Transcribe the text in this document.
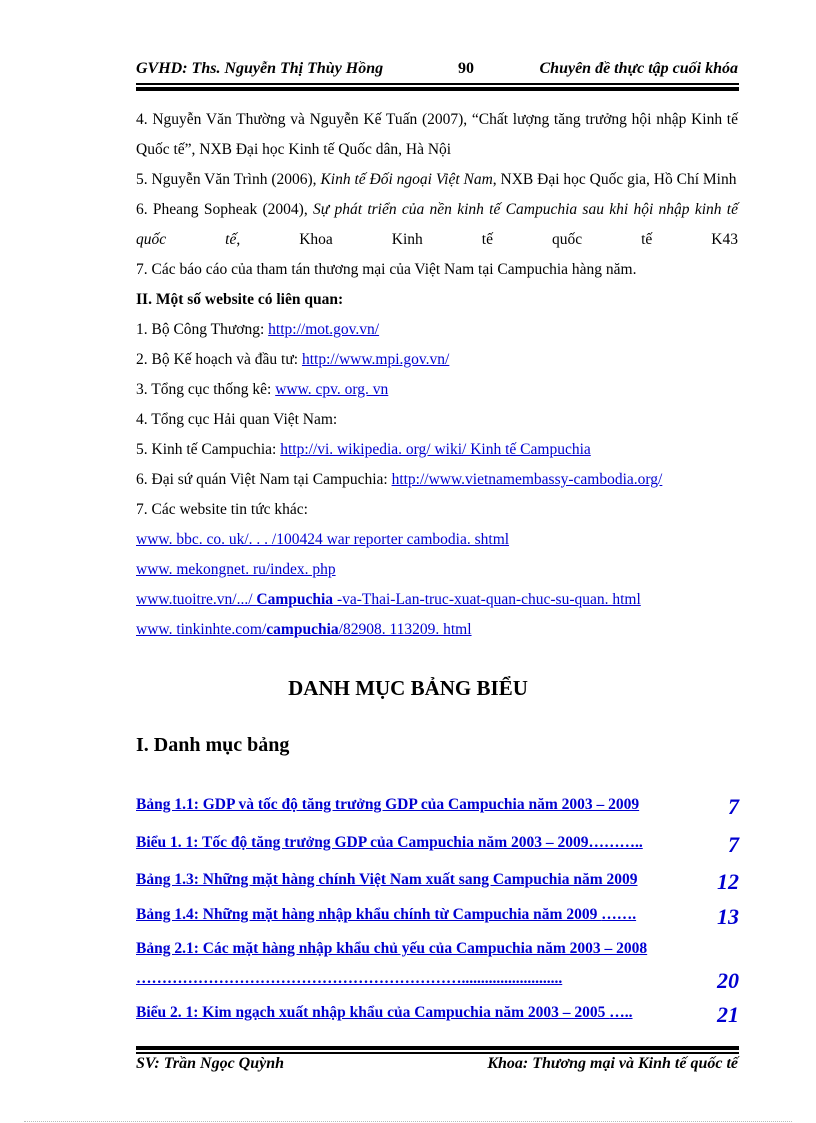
GVHD: Ths. Nguyễn Thị Thùy Hồng	90	Chuyên đề thực tập cuối khóa

4. Nguyễn Văn Thường và Nguyễn Kế Tuấn (2007), “Chất lượng tăng trưởng hội nhập Kinh tế Quốc tế”, NXB Đại học Kinh tế Quốc dân, Hà Nội

5. Nguyễn Văn Trình (2006), Kinh tế Đối ngoại Việt Nam, NXB Đại học Quốc gia, Hồ Chí Minh

6. Pheang Sopheak (2004), Sự phát triển của nền kinh tế Campuchia sau khi hội nhập kinh tế quốc tế, Khoa Kinh tế quốc tế K43

7. Các báo cáo của tham tán thương mại của Việt Nam tại Campuchia hàng năm.

II. Một số website có liên quan:

1. Bộ Công Thương: http://mot.gov.vn/

2. Bộ Kế hoạch và đầu tư: http://www.mpi.gov.vn/

3. Tổng cục thống kê: www. cpv. org. vn

4. Tổng cục Hải quan Việt Nam:

5. Kinh tế Campuchia: http://vi. wikipedia. org/ wiki/ Kinh tế Campuchia

6. Đại sứ quán Việt Nam tại Campuchia: http://www.vietnamembassy-cambodia.org/

7. Các website tin tức khác:

www. bbc. co. uk/. . . /100424 war reporter cambodia. shtml

www. mekongnet. ru/index. php

www.tuoitre.vn/.../ Campuchia -va-Thai-Lan-truc-xuat-quan-chuc-su-quan. html

www. tinkinhte.com/campuchia/82908. 113209. html

DANH MỤC BẢNG BIỂU
I. Danh mục bảng
Bảng 1.1: GDP và tốc độ tăng trưởng GDP của Campuchia năm 2003 – 2009	7
Biểu 1. 1: Tốc độ tăng trưởng GDP của Campuchia năm 2003 – 2009………..	7
Bảng 1.3: Những mặt hàng chính Việt Nam xuất sang Campuchia năm 2009	12
Bảng 1.4: Những mặt hàng nhập khẩu chính từ Campuchia năm 2009 …….	13
Bảng 2.1: Các mặt hàng nhập khẩu chủ yếu của Campuchia năm 2003 – 2008
………………………………………………………..........................	20
Biểu 2. 1: Kim ngạch xuất nhập khẩu của Campuchia năm 2003 – 2005 …..	21
SV: Trần Ngọc Quỳnh	Khoa: Thương mại và Kinh tế quốc tế
